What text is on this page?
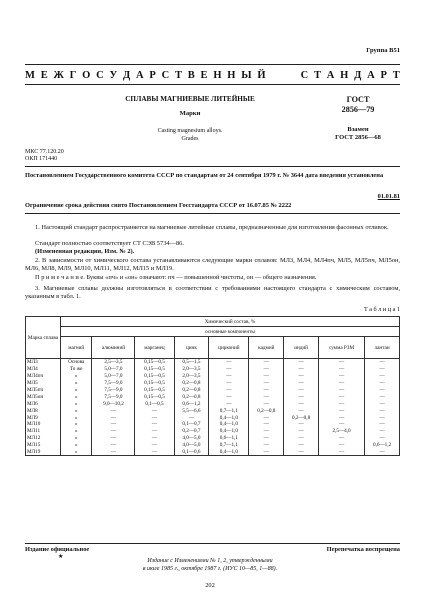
Группа В51
М Е Ж Г О С У Д А Р С Т В Е Н Н Ы Й	С Т А Н Д А Р Т
СПЛАВЫ МАГНИЕВЫЕ ЛИТЕЙНЫЕ
Марки
Casting magnesium alloys.
Grades
ГОСТ
2856—79
Взамен
ГОСТ 2856—68
МКС 77.120.20
ОКП 171440
Постановлением Государственного комитета СССР по стандартам от 24 сентября 1979 г. № 3644 дата введения установлена
01.01.81
Ограничение срока действия снято Постановлением Госстандарта СССР от 16.07.85 № 2222
1. Настоящий стандарт распространяется на магниевые литейные сплавы, предназначенные для изготовления фасонных отливок.
Стандарт полностью соответствует СТ СЭВ 5734—86.
(Измененная редакция, Изм. № 2).
2. В зависимости от химического состава устанавливаются следующие марки сплавов: МЛ3, МЛ4, МЛ4пч, МЛ5, МЛ5пч, МЛ5он, МЛ6, МЛ8, МЛ9, МЛ10, МЛ11, МЛ12, МЛ15 и МЛ19.
П р и м е ч а н и е. Буквы «пч» и «он» означают: пч — повышенной чистоты, он — общего назначения.
3. Магниевые сплавы должны изготовляться в соответствии с требованиями настоящего стандарта с химическим составом, указанным в табл. 1.
Т а б л и ц а 1
Марка сплава	Химический состав, %								
	основные компоненты								
	магний	алюминий	марганец	цинк	цирконий	кадмий	индий	сумма РЗМ	лантан
МЛ3	Основа	2,5—3,5	0,15—0,5	0,5—1,5	—	—	—	—	—
МЛ4	То же	5,0—7,0	0,15—0,5	2,0—3,5	—	—	—	—	—
МЛ4пч	»	5,0—7,0	0,15—0,5	2,0—3,5	—	—	—	—	—
МЛ5	»	7,5—9,0	0,15—0,5	0,2—0,8	—	—	—	—	—
МЛ5пч	»	7,5—9,0	0,15—0,5	0,2—0,8	—	—	—	—	—
МЛ5он	»	7,5—9,0	0,15—0,5	0,2—0,8	—	—	—	—	—
МЛ6	»	9,0—10,2	0,1—0,5	0,6—1,2	—	—	—	—	—
МЛ8	»	—	—	5,5—6,6	0,7—1,1	0,2—0,8	—	—	—
МЛ9	»	—	—	—	0,4—1,0	—	0,2—0,8	—	—
МЛ10	»	—	—	0,1—0,7	0,4—1,0	—	—	—	—
МЛ11	»	—	—	0,2—0,7	0,4—1,0	—	—	2,5—4,0	—
МЛ12	»	—	—	4,0—5,0	0,6—1,1	—	—	—	—
МЛ15	»	—	—	4,0—5,0	0,7—1,1	—	—	—	0,6—1,2
МЛ19	»	—	—	0,1—0,6	0,4—1,0	—	—	—	—
Издание официальное	Перепечатка воспрещена
★
Издание с Изменениями № 1, 2, утвержденными
в июле 1985 г., октябре 1987 г. (ИУС 10—85, 1—88).
202
